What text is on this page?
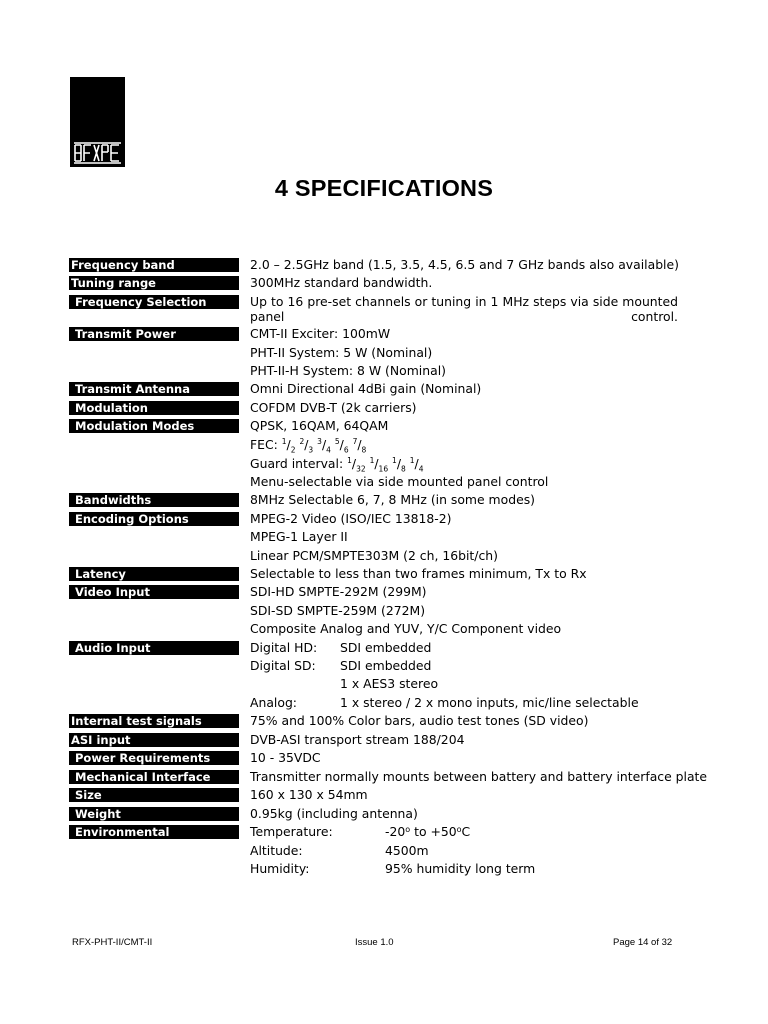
4 SPECIFICATIONS
Frequency band	2.0 – 2.5GHz band (1.5, 3.5, 4.5, 6.5 and 7 GHz bands also available)
Tuning range	300MHz standard bandwidth.
Frequency Selection	Up to 16 pre-set channels or tuning in 1 MHz steps via side mounted panel control.
Transmit Power	CMT-II Exciter: 100mW
PHT-II System: 5 W (Nominal)
PHT-II-H System: 8 W (Nominal)
Transmit Antenna	Omni Directional 4dBi gain (Nominal)
Modulation	COFDM DVB-T (2k carriers)
Modulation Modes	QPSK, 16QAM, 64QAM
FEC: $^1/_2$ $^2/_3$ $^3/_4$ $^5/_6$ $^7/_8$
Guard interval: $^1/_{32}$ $^1/_{16}$ $^1/_8$ $^1/_4$
Menu-selectable via side mounted panel control
Bandwidths	8MHz Selectable 6, 7, 8 MHz (in some modes)
Encoding Options	MPEG-2 Video (ISO/IEC 13818-2)
MPEG-1 Layer II
Linear PCM/SMPTE303M (2 ch, 16bit/ch)
Latency	Selectable to less than two frames minimum, Tx to Rx
Video Input	SDI-HD SMPTE-292M (299M)
SDI-SD SMPTE-259M (272M)
Composite Analog and YUV, Y/C Component video
Audio Input	Digital HD: SDI embedded
Digital SD: SDI embedded
1 x AES3 stereo
Analog:	1 x stereo / 2 x mono inputs, mic/line selectable
Internal test signals	75% and 100% Color bars, audio test tones (SD video)
ASI input	DVB-ASI transport stream 188/204
Power Requirements	10 - 35VDC
Mechanical Interface	Transmitter normally mounts between battery and battery interface plate
Size	160 x 130 x 54mm
Weight	0.95kg (including antenna)
Environmental	Temperature:	-20$^o$ to $+50^oC$
Altitude:	4500m
Humidity:	95% humidity long term
RFX-PHT-II/CMT-II	Issue 1.0	Page 14 of 32
